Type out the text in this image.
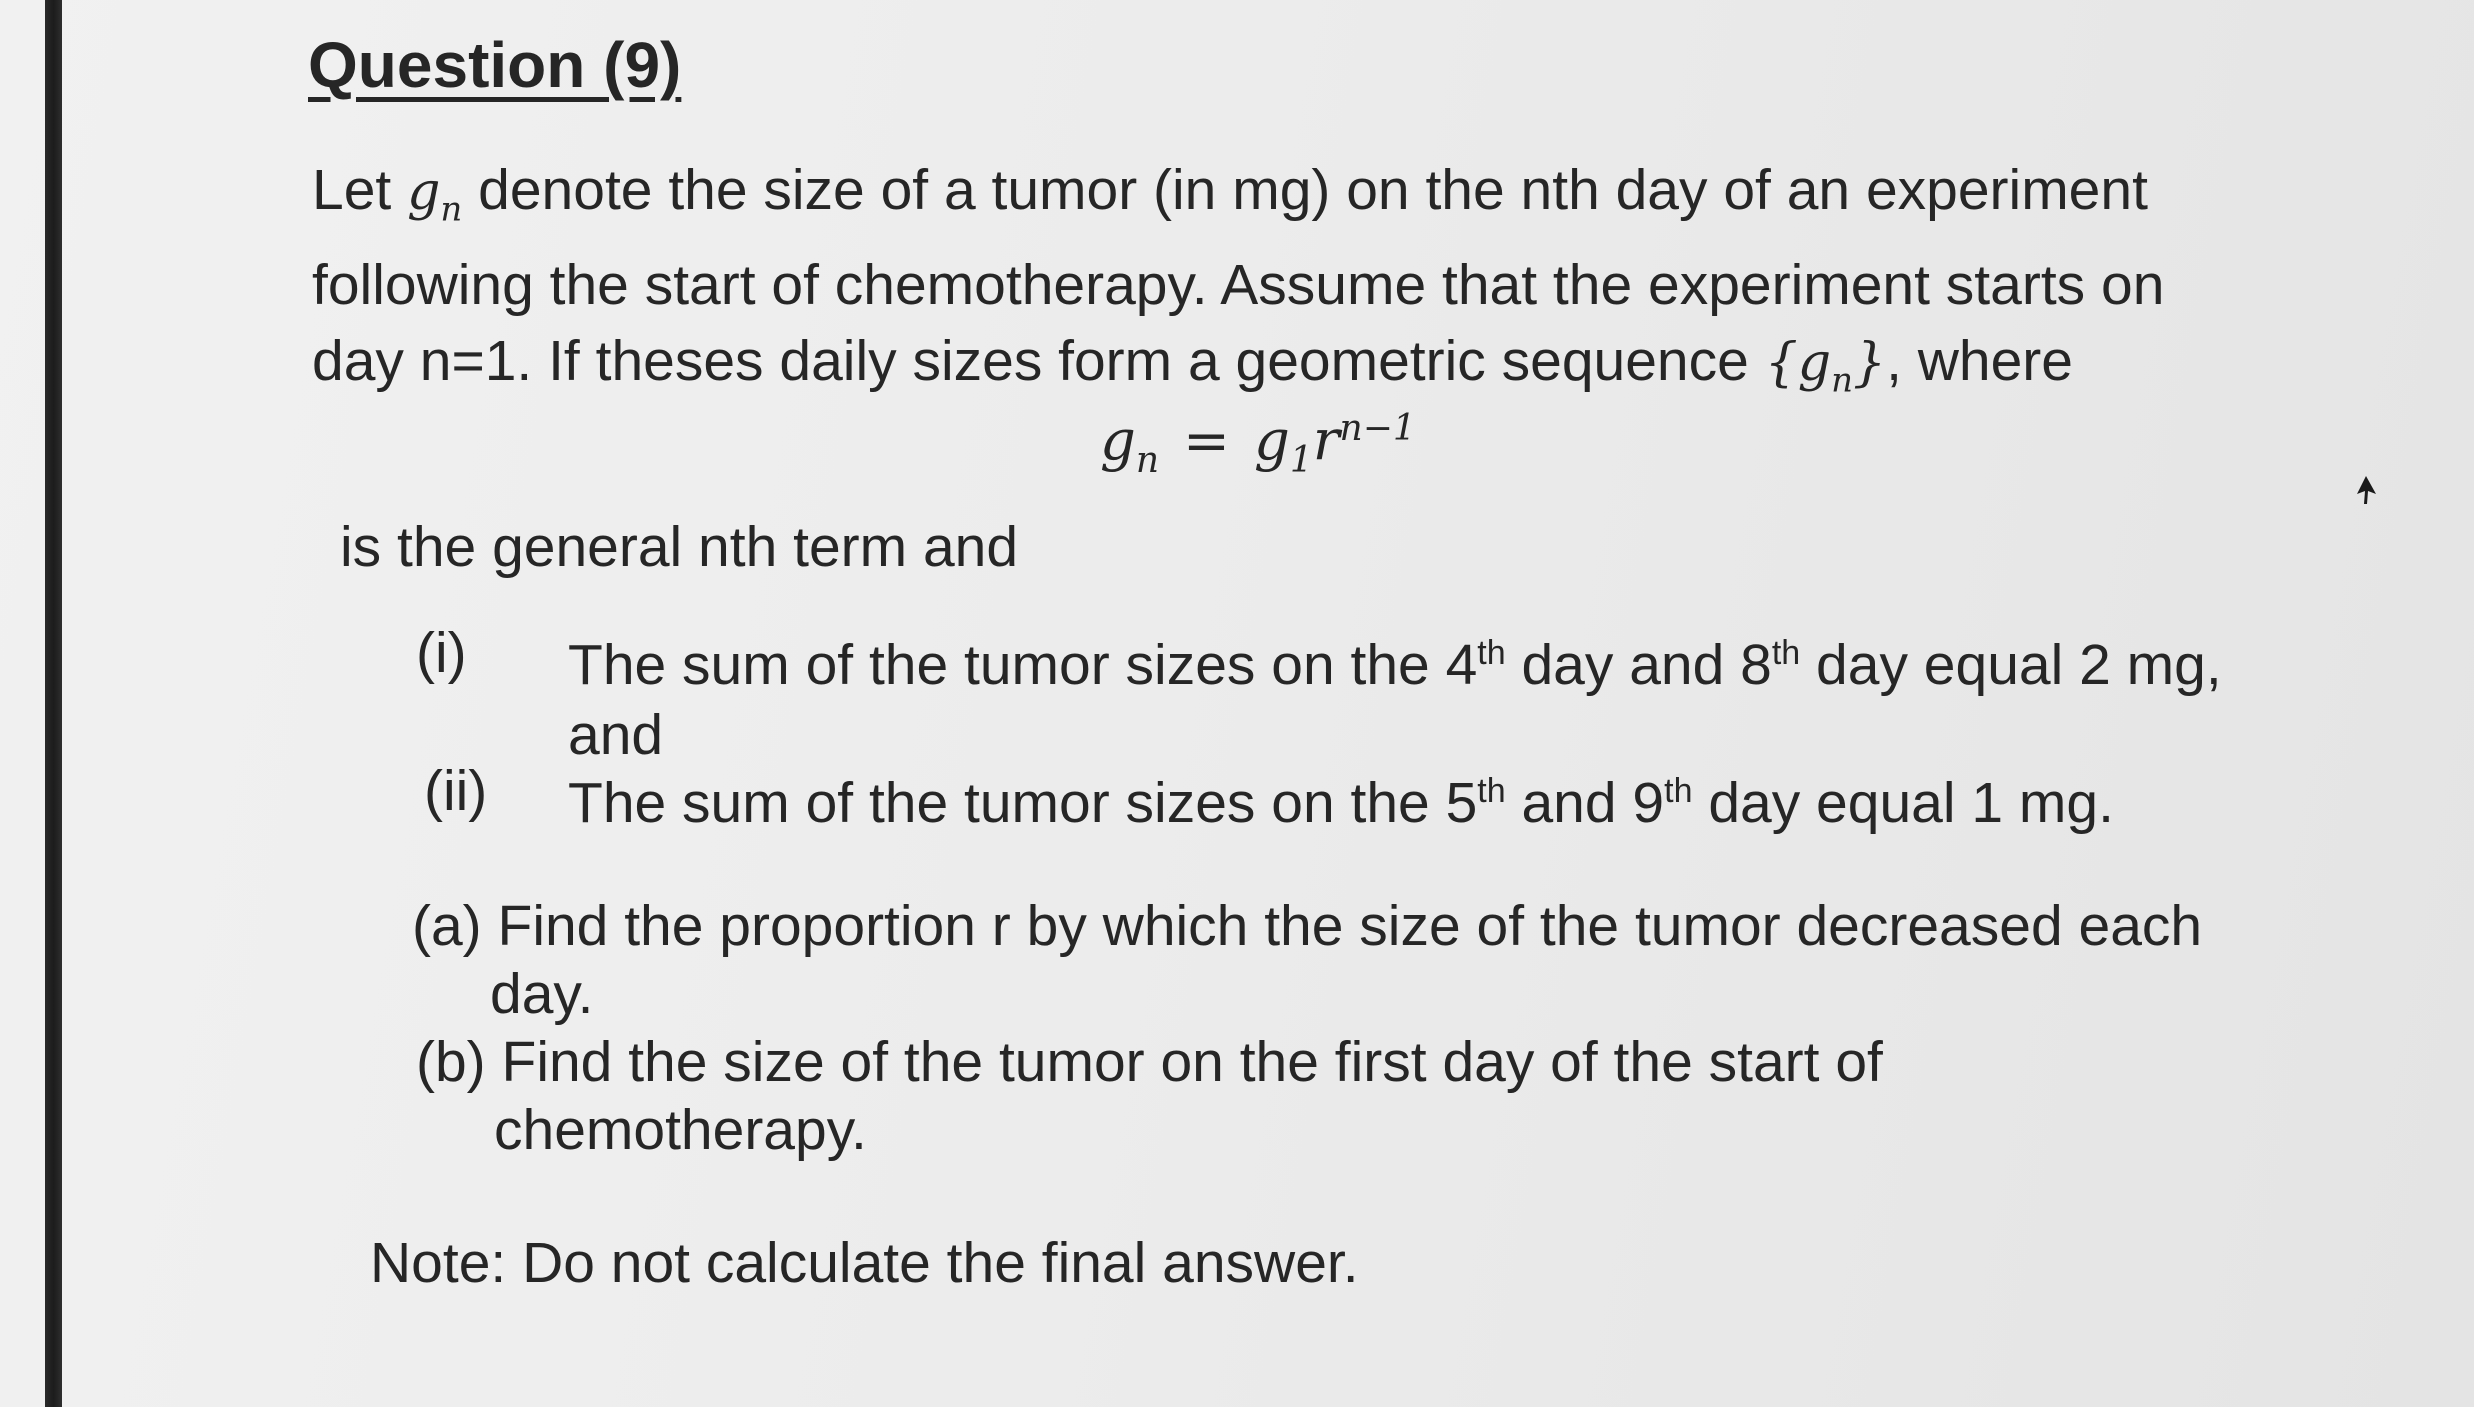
Question (9)
Let $g_n$ denote the size of a tumor (in mg) on the nth day of an experiment
following the start of chemotherapy. Assume that the experiment starts on
day n=1. If theses daily sizes form a geometric sequence $\{g_n\}$, where
$g_n = g_1r^{n-1}$
is the general nth term and
(i) The sum of the tumor sizes on the 4th day and 8th day equal 2 mg,
and
(ii) The sum of the tumor sizes on the 5th and 9th day equal 1 mg.
(a) Find the proportion r by which the size of the tumor decreased each
day.
(b) Find the size of the tumor on the first day of the start of
chemotherapy.
Note: Do not calculate the final answer.
